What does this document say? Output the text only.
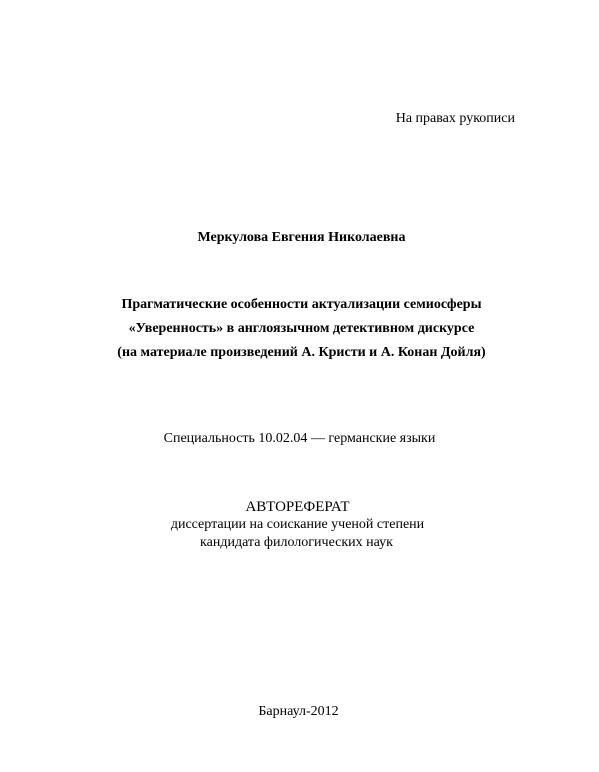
На правах рукописи
Меркулова Евгения Николаевна
Прагматические особенности актуализации семиосферы
«Уверенность» в англоязычном детективном дискурсе
(на материале произведений А. Кристи и А. Конан Дойля)
Специальность 10.02.04 — германские языки
АВТОРЕФЕРАТ
диссертации на соискание ученой степени
кандидата филологических наук
Барнаул-2012
